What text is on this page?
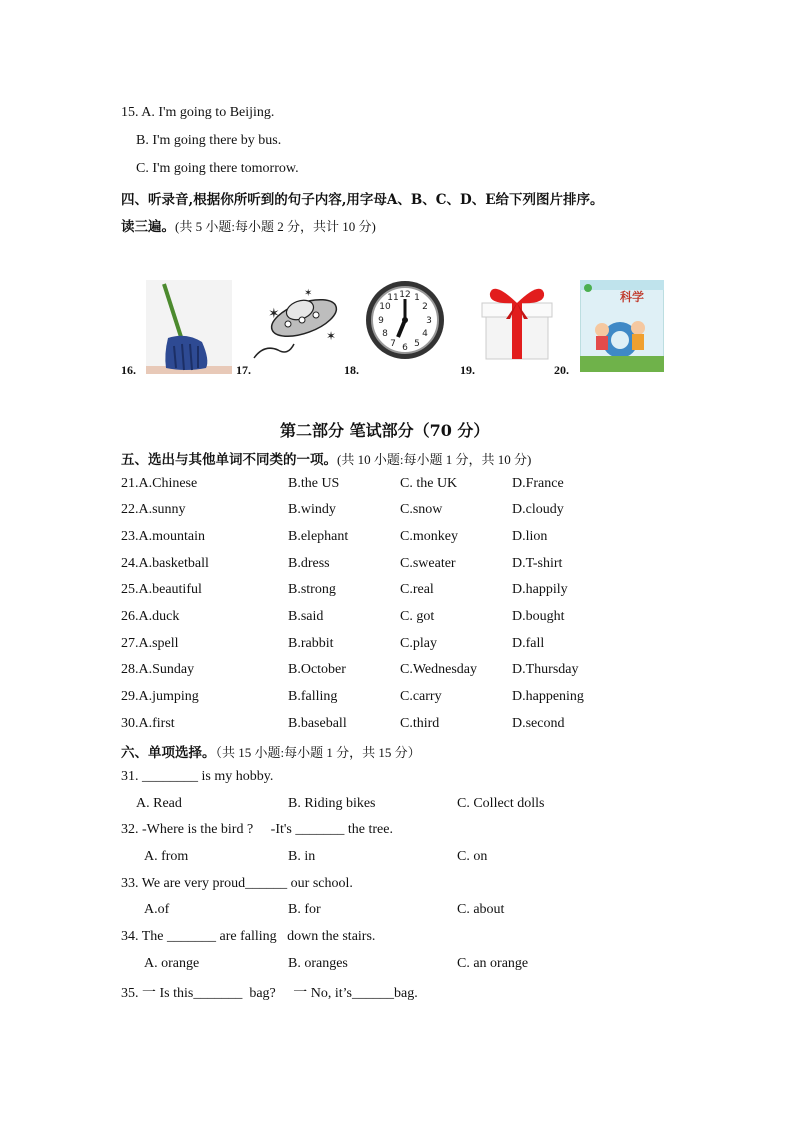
15. A. I'm going to Beijing.
B. I'm going there by bus.
C. I'm going there tomorrow.
四、听录音,根据你所听到的句子内容,用字母A、B、C、D、E给下列图片排序。
读三遍。(共 5 小题:每小题 2 分，共计 10 分)
16.	17.
✶
✶
✶
18.
12 1
2
3
4
5
6
7
8
9
10
11
19.	20.
科学
第二部分 笔试部分（70 分）
五、选出与其他单词不同类的一项。(共 10 小题:每小题 1 分，共 10 分)
21.A.Chinese	B.the US	C. the UK	D.France
22.A.sunny	B.windy	C.snow	D.cloudy
23.A.mountain	B.elephant	C.monkey	D.lion
24.A.basketball	B.dress	C.sweater	D.T-shirt
25.A.beautiful	B.strong	C.real	D.happily
26.A.duck	B.said	C. got	D.bought
27.A.spell	B.rabbit	C.play	D.fall
28.A.Sunday	B.October	C.Wednesday D.Thursday
29.A.jumping	B.falling	C.carry	D.happening
30.A.first	B.baseball	C.third	D.second
六、单项选择。（共 15 小题:每小题 1 分，共 15 分）
31. ________ is my hobby.
A. Read	B. Riding bikes	C. Collect dolls
32. -Where is the bird ?     -It's _______ the tree.
A. from	B. in	C. on
33. We are very proud______ our school.
A.of	B. for	C. about
34. The _______ are falling   down the stairs.
A. orange	B. oranges	C. an orange
35. 一 Is this_______  bag?     一 No, it’s______bag.
